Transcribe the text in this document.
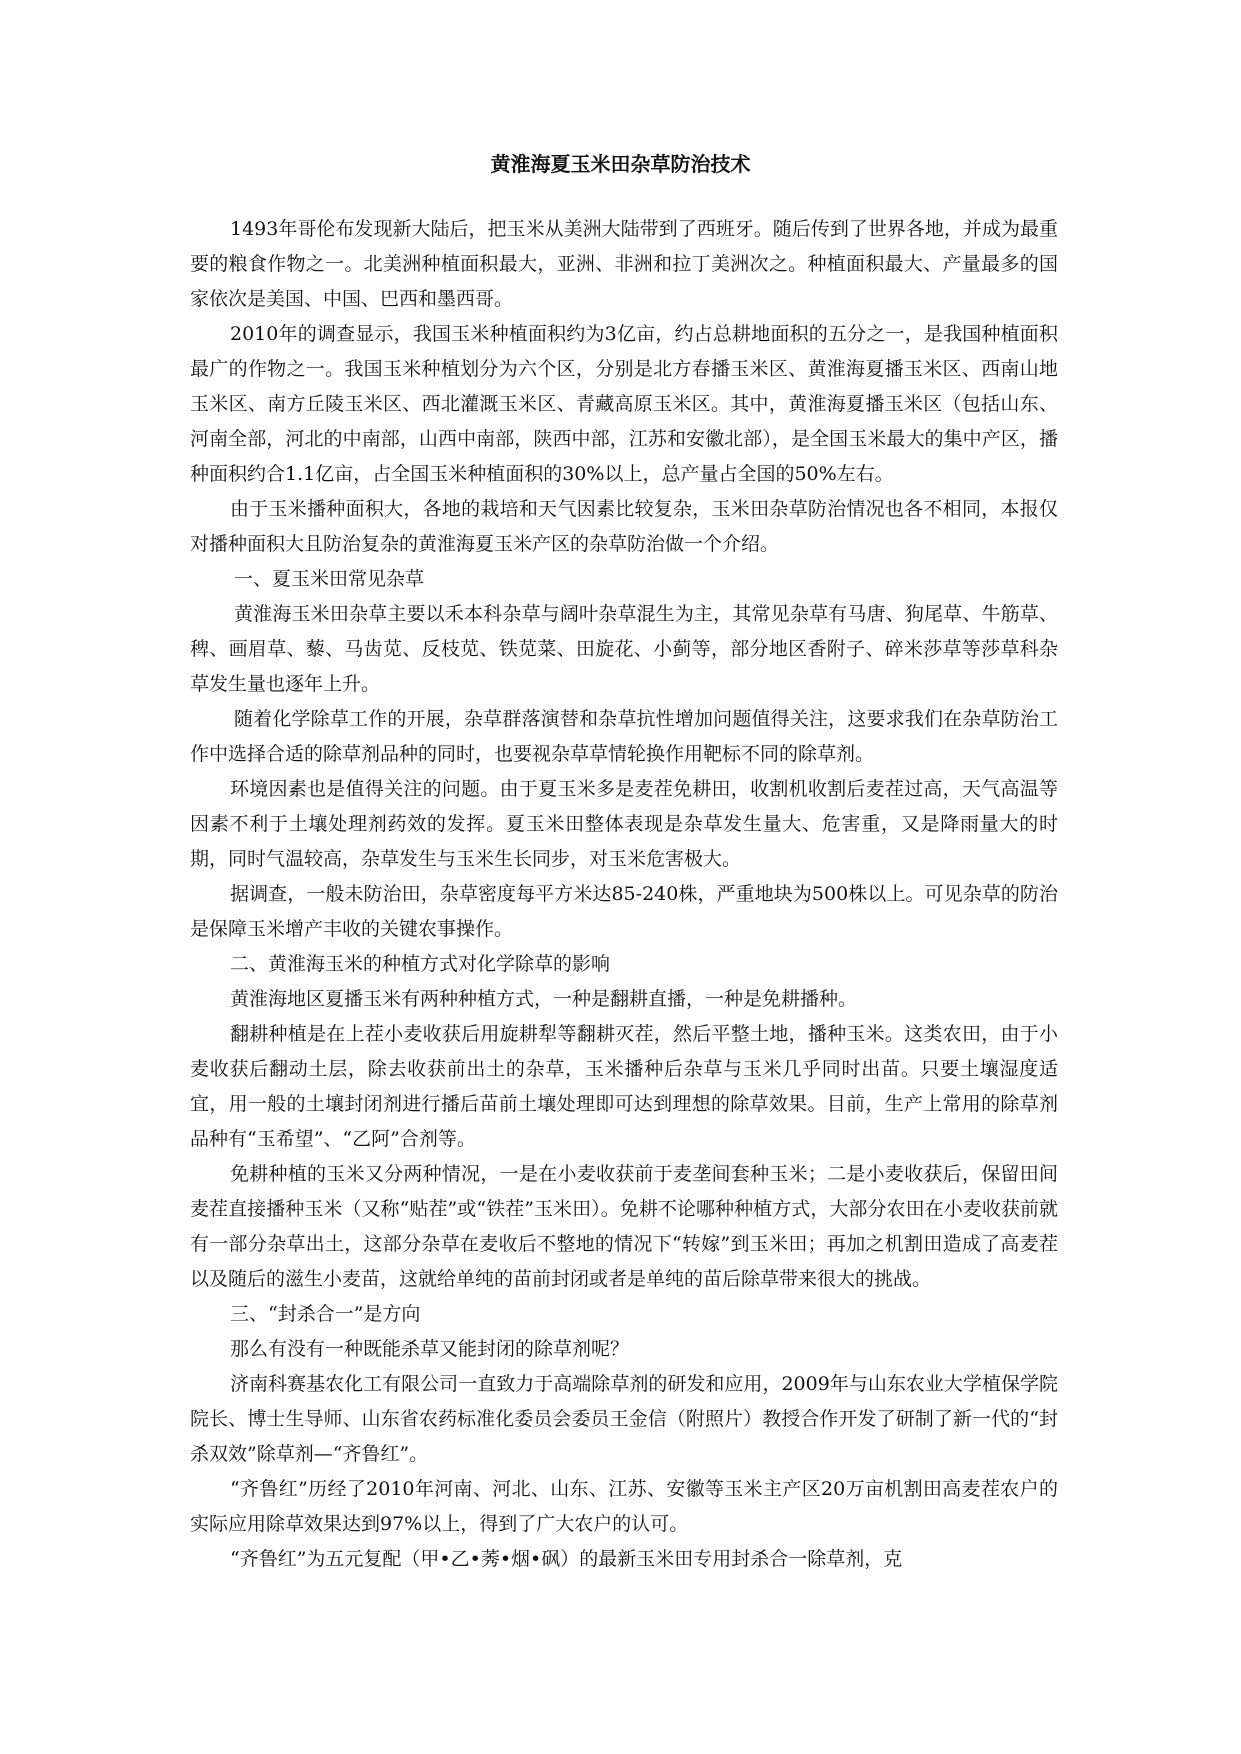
黄淮海夏玉米田杂草防治技术

1493年哥伦布发现新大陆后，把玉米从美洲大陆带到了西班牙。随后传到了世界各地，并成为最重要的粮食作物之一。北美洲种植面积最大，亚洲、非洲和拉丁美洲次之。种植面积最大、产量最多的国家依次是美国、中国、巴西和墨西哥。

2010年的调查显示，我国玉米种植面积约为3亿亩，约占总耕地面积的五分之一，是我国种植面积最广的作物之一。我国玉米种植划分为六个区，分别是北方春播玉米区、黄淮海夏播玉米区、西南山地玉米区、南方丘陵玉米区、西北灌溉玉米区、青藏高原玉米区。其中，黄淮海夏播玉米区（包括山东、河南全部，河北的中南部，山西中南部，陕西中部，江苏和安徽北部），是全国玉米最大的集中产区，播种面积约合1.1亿亩，占全国玉米种植面积的30%以上，总产量占全国的50%左右。

由于玉米播种面积大，各地的栽培和天气因素比较复杂，玉米田杂草防治情况也各不相同，本报仅对播种面积大且防治复杂的黄淮海夏玉米产区的杂草防治做一个介绍。

一、夏玉米田常见杂草

黄淮海玉米田杂草主要以禾本科杂草与阔叶杂草混生为主，其常见杂草有马唐、狗尾草、牛筋草、稗、画眉草、藜、马齿苋、反枝苋、铁苋菜、田旋花、小蓟等，部分地区香附子、碎米莎草等莎草科杂草发生量也逐年上升。

随着化学除草工作的开展，杂草群落演替和杂草抗性增加问题值得关注，这要求我们在杂草防治工作中选择合适的除草剂品种的同时，也要视杂草草情轮换作用靶标不同的除草剂。

环境因素也是值得关注的问题。由于夏玉米多是麦茬免耕田，收割机收割后麦茬过高，天气高温等因素不利于土壤处理剂药效的发挥。夏玉米田整体表现是杂草发生量大、危害重，又是降雨量大的时期，同时气温较高，杂草发生与玉米生长同步，对玉米危害极大。

据调查，一般未防治田，杂草密度每平方米达85-240株，严重地块为500株以上。可见杂草的防治是保障玉米增产丰收的关键农事操作。

二、黄淮海玉米的种植方式对化学除草的影响

黄淮海地区夏播玉米有两种种植方式，一种是翻耕直播，一种是免耕播种。

翻耕种植是在上茬小麦收获后用旋耕犁等翻耕灭茬，然后平整土地，播种玉米。这类农田，由于小麦收获后翻动土层，除去收获前出土的杂草，玉米播种后杂草与玉米几乎同时出苗。只要土壤湿度适宜，用一般的土壤封闭剂进行播后苗前土壤处理即可达到理想的除草效果。目前，生产上常用的除草剂品种有“玉希望”、“乙阿”合剂等。

免耕种植的玉米又分两种情况，一是在小麦收获前于麦垄间套种玉米；二是小麦收获后，保留田间麦茬直接播种玉米（又称“贴茬”或“铁茬”玉米田）。免耕不论哪种种植方式，大部分农田在小麦收获前就有一部分杂草出土，这部分杂草在麦收后不整地的情况下“转嫁”到玉米田；再加之机割田造成了高麦茬以及随后的滋生小麦苗，这就给单纯的苗前封闭或者是单纯的苗后除草带来很大的挑战。

三、“封杀合一”是方向

那么有没有一种既能杀草又能封闭的除草剂呢？

济南科赛基农化工有限公司一直致力于高端除草剂的研发和应用，2009年与山东农业大学植保学院院长、博士生导师、山东省农药标准化委员会委员王金信（附照片）教授合作开发了研制了新一代的“封杀双效”除草剂—“齐鲁红”。

“齐鲁红”历经了2010年河南、河北、山东、江苏、安徽等玉米主产区20万亩机割田高麦茬农户的实际应用除草效果达到97%以上，得到了广大农户的认可。

“齐鲁红”为五元复配（甲•乙•莠•烟•砜）的最新玉米田专用封杀合一除草剂，克
